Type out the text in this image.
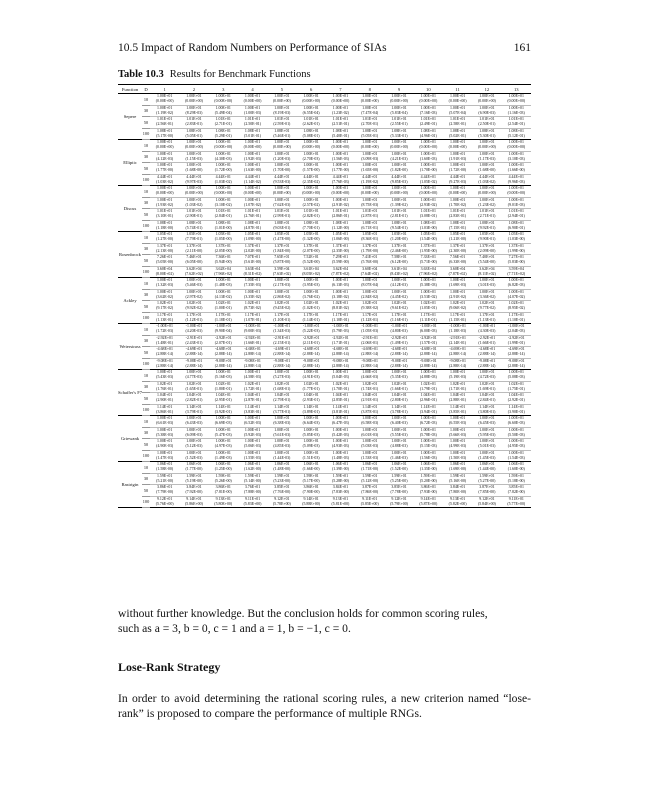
10.5 Impact of Random Numbers on Performance of SIAs	161
Table 10.3 Results for Benchmark Functions
Function	D	1	2	3	4	5	6	7	8	9	10	11	12	13
Sepere	10	1.00E+01	1.00E+01	1.00E+01	1.00E+01	1.00E+01	1.00E+01	1.00E+01	1.00E+01	1.00E+01	1.00E+01	1.00E+01	1.00E+01	1.00E+01
		(0.00E+00)	(0.00E+00)	(0.00E+00)	(0.00E+00)	(0.00E+00)	(0.00E+00)	(0.00E+00)	(0.00E+00)	(0.00E+00)	(0.00E+00)	(0.00E+00)	(0.00E+00)	(0.00E+00)
	30	1.00E+01	1.00E+01	1.00E+01	1.00E+01	1.00E+01	1.00E+01	1.00E+01	1.00E+01	1.00E+01	1.00E+01	1.00E+01	1.00E+01	1.00E+01
		(1.19E-02)	(8.29E-03)	(5.49E-04)	(1.00E-03)	(8.19E-03)	(6.55E-04)	(1.23E-02)	(7.47E-04)	(5.83E-04)	(7.16E-03)	(5.07E-04)	(6.90E-03)	(1.16E-03)
	50	1.01E+01	1.01E+01	1.01E+01	1.01E+01	1.01E+01	1.01E+01	1.01E+01	1.01E+01	1.01E+01	1.01E+01	1.01E+01	1.01E+01	1.01E+01
		(2.56E-01)	(2.83E-01)	(2.71E-01)	(2.50E-01)	(2.59E-01)	(2.62E-01)	(2.51E-01)	(2.70E-01)	(2.55E-01)	(2.49E-01)	(2.58E-01)	(2.50E-01)	(2.54E-01)
	100	1.08E+01	1.08E+01	1.08E+01	1.08E+01	1.08E+01	1.08E+01	1.08E+01	1.08E+01	1.08E+01	1.08E+01	1.08E+01	1.08E+01	1.08E+01
		(5.17E-00)	(5.05E-01)	(5.29E-01)	(5.01E-01)	(5.46E-01)	(5.08E-01)	(5.40E-01)	(5.05E-01)	(5.33E-01)	(4.96E-01)	(5.02E-01)	(5.30E-01)	(5.12E-01)
Elliptic	10	1.00E+01	1.00E+01	1.00E+01	1.00E+01	1.00E+01	1.00E+01	1.00E+01	1.00E+01	1.00E+01	1.00E+01	1.00E+01	1.00E+01	1.00E+01
		(0.00E+00)	(0.00E+00)	(0.00E+00)	(0.00E+00)	(0.00E+00)	(0.00E+00)	(0.00E+00)	(0.00E+00)	(0.00E+00)	(0.00E+00)	(0.00E+00)	(0.00E+00)	(0.00E+00)
	30	1.00E+01	1.00E+01	1.00E+01	1.00E+01	1.00E+01	1.00E+01	1.00E+01	1.00E+01	1.00E+01	1.00E+01	1.00E+01	1.00E+01	1.00E+01
		(4.12E-03)	(1.15E-03)	(4.30E-03)	(1.92E-03)	(1.20E-03)	(2.70E-03)	(1.56E-03)	(3.09E-03)	(4.21E-03)	(1.60E-03)	(1.91E-03)	(1.17E-03)	(3.10E-03)
	50	1.00E+01	1.00E+01	1.00E+01	1.00E+01	1.00E+01	1.00E+01	1.00E+01	1.00E+01	1.00E+01	1.00E+01	1.00E+01	1.00E+01	1.00E+01
		(1.77E-00)	(1.68E-00)	(1.72E-00)	(1.63E-00)	(1.70E-00)	(1.57E-00)	(1.77E-00)	(1.65E-00)	(1.82E-00)	(1.70E-00)	(1.72E-00)	(1.68E-00)	(1.66E-00)
	100	4.44E+01	4.44E+01	4.44E+01	4.44E+01	4.44E+01	4.44E+01	4.44E+01	4.44E+01	4.44E+01	4.44E+01	4.44E+01	4.44E+01	4.44E+01
		(1.03E-02)	(9.97E-03)	(1.03E-02)	(1.14E-02)	(9.53E-03)	(2.35E-02)	(7.76E-03)	(1.19E-02)	(9.85E-03)	(1.05E-02)	(9.27E-03)	(1.03E-02)	(9.96E-03)
Discus	10	1.00E+01	1.00E+01	1.00E+01	1.00E+01	1.00E+01	1.00E+01	1.00E+01	1.00E+01	1.00E+01	1.00E+01	1.00E+01	1.00E+01	1.00E+01
		(0.00E+00)	(0.00E+00)	(0.00E+00)	(0.00E+00)	(0.00E+00)	(0.00E+00)	(0.00E+00)	(0.00E+00)	(0.00E+00)	(0.00E+00)	(0.00E+00)	(0.00E+00)	(0.00E+00)
	30	1.00E+01	1.00E+01	1.00E+01	1.00E+01	1.00E+01	1.00E+01	1.00E+01	1.00E+01	1.00E+01	1.00E+01	1.00E+01	1.00E+01	1.00E+01
		(1.93E-02)	(1.03E-02)	(3.10E-02)	(1.07E-02)	(7.62E-03)	(2.57E-02)	(2.91E-02)	(8.75E-03)	(1.39E-02)	(2.93E-02)	(1.70E-02)	(1.23E-02)	(9.01E-03)
	50	1.01E+01	1.01E+01	1.01E+01	1.01E+01	1.01E+01	1.01E+01	1.01E+01	1.01E+01	1.01E+01	1.01E+01	1.01E+01	1.01E+01	1.01E+01
		(3.10E-01)	(2.90E-01)	(2.84E-01)	(2.76E-01)	(2.99E-01)	(2.82E-01)	(2.86E-01)	(2.87E-01)	(2.81E-01)	(3.08E-01)	(2.83E-01)	(2.71E-01)	(2.94E-01)
	100	1.08E+01	1.08E+01	1.08E+01	1.08E+01	1.08E+01	1.08E+01	1.08E+01	1.08E+01	1.08E+01	1.08E+01	1.08E+01	1.08E+01	1.08E+01
		(1.18E-00)	(5.74E-01)	(1.01E-00)	(4.87E-01)	(9.03E-01)	(7.70E-01)	(1.12E-00)	(6.71E-01)	(9.54E-01)	(1.03E-00)	(7.15E-01)	(9.92E-01)	(6.90E-01)
Rosenbrock	10	1.05E+01	1.05E+01	1.05E+01	1.05E+01	1.05E+01	1.05E+01	1.05E+01	1.05E+01	1.05E+01	1.05E+01	1.05E+01	1.05E+01	1.05E+01
		(1.27E-00)	(7.79E-01)	(1.05E-00)	(1.09E-00)	(1.47E-00)	(1.32E-00)	(1.06E-00)	(8.36E-01)	(1.20E-00)	(1.54E-00)	(1.21E-00)	(9.90E-01)	(1.03E-00)
	30	1.37E+01	1.37E+01	1.37E+01	1.37E+01	1.37E+01	1.37E+01	1.37E+01	1.37E+01	1.37E+01	1.37E+01	1.37E+01	1.37E+01	1.37E+01
		(2.13E-00)	(2.11E-00)	(2.05E-00)	(2.02E-00)	(1.84E-00)	(2.07E-00)	(2.35E-00)	(1.79E-00)	(2.46E-00)	(1.95E-00)	(2.30E-00)	(2.09E-00)	(1.99E-00)
	50	7.26E+01	7.46E+01	7.36E+01	7.07E+01	7.65E+01	7.52E+01	7.29E+01	7.41E+01	7.58E+01	7.33E+01	7.56E+01	7.40E+01	7.27E+01
		(5.05E-00)	(6.05E-00)	(5.94E-00)	(5.61E-00)	(5.87E-00)	(5.52E-00)	(5.59E-00)	(5.76E-00)	(6.12E-00)	(5.71E-00)	(6.33E-00)	(5.54E-00)	(5.83E-00)
	100	3.60E+04	3.62E+04	3.62E+04	3.63E+04	3.59E+04	3.61E+04	3.62E+04	3.60E+04	3.61E+04	3.63E+04	3.60E+04	3.62E+04	3.59E+04
		(8.00E+02)	(7.62E+02)	(7.96E+02)	(8.31E+02)	(7.63E+02)	(8.05E+02)	(7.87E+02)	(7.64E+02)	(8.43E+02)	(7.96E+02)	(7.87E+02)	(8.11E+02)	(7.71E+02)
Ackley	10	1.00E+01	1.00E+01	1.00E+01	1.00E+01	1.00E+01	1.00E+01	1.00E+01	1.00E+01	1.00E+01	1.00E+01	1.00E+01	1.00E+01	1.00E+01
		(1.32E-03)	(5.46E-03)	(1.48E-03)	(7.35E-03)	(2.17E-03)	(3.95E-03)	(6.13E-03)	(8.07E-04)	(4.12E-03)	(5.38E-03)	(1.69E-03)	(3.01E-03)	(6.82E-03)
	30	1.00E+01	1.00E+01	1.00E+01	1.00E+01	1.00E+01	1.00E+01	1.00E+01	1.00E+01	1.00E+01	1.00E+01	1.00E+01	1.00E+01	1.00E+01
		(3.62E-02)	(2.97E-02)	(4.13E-02)	(3.35E-02)	(2.86E-02)	(3.76E-02)	(3.18E-02)	(2.84E-02)	(4.45E-02)	(3.53E-02)	(2.91E-02)	(3.36E-02)	(4.07E-02)
	50	1.02E+01	1.02E+01	1.02E+01	1.02E+01	1.02E+01	1.02E+01	1.02E+01	1.02E+01	1.02E+01	1.02E+01	1.02E+01	1.02E+01	1.02E+01
		(9.17E-02)	(9.92E-02)	(1.00E-01)	(8.73E-02)	(9.45E-02)	(1.02E-01)	(8.81E-02)	(9.38E-02)	(9.61E-02)	(1.05E-01)	(9.06E-02)	(9.77E-02)	(8.95E-02)
	100	1.17E+01	1.17E+01	1.17E+01	1.17E+01	1.17E+01	1.17E+01	1.17E+01	1.17E+01	1.17E+01	1.17E+01	1.17E+01	1.17E+01	1.17E+01
		(1.13E-01)	(1.12E-01)	(1.18E-01)	(1.07E-01)	(1.10E-01)	(1.14E-01)	(1.10E-01)	(1.12E-01)	(1.16E-01)	(1.11E-01)	(1.15E-01)	(1.13E-01)	(1.10E-01)
Weierstrass	10	-1.00E+01	-1.00E+01	-1.00E+01	-1.00E+01	-1.00E+01	-1.00E+01	-1.00E+01	-1.00E+01	-1.00E+01	-1.00E+01	-1.00E+01	-1.00E+01	-1.00E+01
		(1.72E-03)	(4.20E-03)	(9.90E-04)	(9.00E-03)	(1.34E-03)	(5.22E-03)	(5.79E-03)	(1.05E-03)	(4.80E-03)	(6.00E-03)	(1.18E-03)	(4.30E-03)	(2.04E-03)
	30	-2.92E+01	-2.91E+01	-2.92E+01	-2.92E+01	-2.91E+01	-2.92E+01	-2.92E+01	-2.91E+01	-2.92E+01	-2.92E+01	-2.91E+01	-2.92E+01	-2.92E+01
		(1.48E-01)	(2.43E-01)	(2.07E-01)	(1.66E-01)	(2.15E-01)	(2.11E-01)	(1.71E-01)	(2.06E-01)	(1.49E-01)	(1.57E-01)	(2.14E-01)	(1.66E-01)	(1.99E-01)
	50	-4.68E+01	-4.69E+01	-4.68E+01	-4.68E+01	-4.69E+01	-4.68E+01	-4.68E+01	-4.69E+01	-4.68E+01	-4.68E+01	-4.69E+01	-4.68E+01	-4.69E+01
		(2.88E-14)	(2.88E-14)	(2.88E-14)	(2.88E-14)	(2.88E-14)	(2.88E-14)	(2.88E-14)	(2.88E-14)	(2.88E-14)	(2.88E-14)	(2.88E-14)	(2.88E-14)	(2.88E-14)
	100	-9.08E+01	-9.08E+01	-9.08E+01	-9.08E+01	-9.08E+01	-9.08E+01	-9.08E+01	-9.08E+01	-9.08E+01	-9.08E+01	-9.08E+01	-9.08E+01	-9.08E+01
		(2.88E-14)	(2.88E-14)	(2.88E-14)	(2.88E-14)	(2.88E-14)	(2.88E-14)	(2.88E-14)	(2.88E-14)	(2.88E-14)	(2.88E-14)	(2.88E-14)	(2.88E-14)	(2.88E-14)
Schaffer's F7	10	1.00E+01	1.00E+01	1.00E+01	1.00E+01	1.00E+01	1.00E+01	1.00E+01	1.00E+01	1.00E+01	1.00E+01	1.00E+01	1.00E+01	1.00E+01
		(5.43E-03)	(4.77E-03)	(5.16E-03)	(4.58E-03)	(5.27E-03)	(4.91E-03)	(5.04E-03)	(4.66E-03)	(5.35E-03)	(4.88E-03)	(5.19E-03)	(4.72E-03)	(5.08E-03)
	30	1.02E+01	1.02E+01	1.02E+01	1.02E+01	1.02E+01	1.02E+01	1.02E+01	1.02E+01	1.02E+01	1.02E+01	1.02E+01	1.02E+01	1.02E+01
		(1.76E-01)	(1.65E-01)	(1.80E-01)	(1.72E-01)	(1.68E-01)	(1.77E-01)	(1.70E-01)	(1.74E-01)	(1.66E-01)	(1.79E-01)	(1.71E-01)	(1.69E-01)	(1.75E-01)
	50	1.04E+01	1.04E+01	1.04E+01	1.04E+01	1.04E+01	1.04E+01	1.04E+01	1.04E+01	1.04E+01	1.04E+01	1.04E+01	1.04E+01	1.04E+01
		(2.90E-01)	(2.82E-01)	(2.95E-01)	(2.87E-01)	(2.79E-01)	(2.93E-01)	(2.85E-01)	(2.91E-01)	(2.80E-01)	(2.96E-01)	(2.88E-01)	(2.84E-01)	(2.92E-01)
	100	1.14E+01	1.14E+01	1.14E+01	1.14E+01	1.14E+01	1.14E+01	1.14E+01	1.14E+01	1.14E+01	1.14E+01	1.14E+01	1.14E+01	1.14E+01
		(3.86E-01)	(3.79E-01)	(3.92E-01)	(3.83E-01)	(3.77E-01)	(3.89E-01)	(3.81E-01)	(3.87E-01)	(3.78E-01)	(3.94E-01)	(3.85E-01)	(3.80E-01)	(3.90E-01)
Griewank	10	1.00E+01	1.00E+01	1.00E+01	1.00E+01	1.00E+01	1.00E+01	1.00E+01	1.00E+01	1.00E+01	1.00E+01	1.00E+01	1.00E+01	1.00E+01
		(6.61E-03)	(6.43E-03)	(6.69E-03)	(6.52E-03)	(6.38E-03)	(6.64E-03)	(6.47E-03)	(6.58E-03)	(6.40E-03)	(6.72E-03)	(6.55E-03)	(6.45E-03)	(6.60E-03)
	30	1.00E+01	1.00E+01	1.00E+01	1.00E+01	1.00E+01	1.00E+01	1.00E+01	1.00E+01	1.00E+01	1.00E+01	1.00E+01	1.00E+01	1.00E+01
		(5.38E-03)	(6.09E-03)	(5.47E-03)	(5.92E-03)	(5.61E-03)	(5.85E-03)	(5.42E-03)	(6.01E-03)	(5.55E-03)	(5.78E-03)	(5.66E-03)	(5.95E-03)	(5.50E-03)
	50	1.00E+01	1.00E+01	1.00E+01	1.00E+01	1.00E+01	1.00E+01	1.00E+01	1.00E+01	1.00E+01	1.00E+01	1.00E+01	1.00E+01	1.00E+01
		(4.90E-03)	(5.12E-03)	(4.97E-03)	(5.06E-03)	(4.85E-03)	(5.09E-03)	(4.93E-03)	(5.03E-03)	(4.88E-03)	(5.15E-03)	(4.99E-03)	(5.01E-03)	(4.95E-03)
	100	1.00E+01	1.00E+01	1.00E+01	1.00E+01	1.00E+01	1.00E+01	1.00E+01	1.00E+01	1.00E+01	1.00E+01	1.00E+01	1.00E+01	1.00E+01
		(1.47E-03)	(1.52E-03)	(1.49E-03)	(1.55E-03)	(1.44E-03)	(1.51E-03)	(1.48E-03)	(1.53E-03)	(1.46E-03)	(1.56E-03)	(1.50E-03)	(1.45E-03)	(1.54E-03)
Rastrigin	10	1.06E+01	1.06E+01	1.06E+01	1.06E+01	1.06E+01	1.06E+01	1.06E+01	1.06E+01	1.06E+01	1.06E+01	1.06E+01	1.06E+01	1.06E+01
		(1.58E-00)	(1.77E-00)	(1.25E-00)	(1.62E-00)	(1.48E-00)	(1.66E-00)	(1.39E-00)	(1.71E-00)	(1.52E-00)	(1.35E-00)	(1.69E-00)	(1.44E-00)	(1.60E-00)
	30	1.59E+01	1.59E+01	1.59E+01	1.59E+01	1.59E+01	1.59E+01	1.59E+01	1.59E+01	1.59E+01	1.59E+01	1.59E+01	1.59E+01	1.59E+01
		(5.21E-00)	(5.19E-00)	(5.26E-00)	(5.14E-00)	(5.23E-00)	(5.17E-00)	(5.28E-00)	(5.12E-00)	(5.25E-00)	(5.20E-00)	(5.16E-00)	(5.27E-00)	(5.18E-00)
	50	3.86E+01	3.84E+01	3.86E+01	3.76E+01	3.85E+01	3.86E+01	3.84E+01	3.87E+01	3.85E+01	3.86E+01	3.84E+01	3.87E+01	3.85E+01
		(7.79E-00)	(7.92E-00)	(7.81E-00)	(7.88E-00)	(7.76E-00)	(7.90E-00)	(7.83E-00)	(7.86E-00)	(7.78E-00)	(7.93E-00)	(7.80E-00)	(7.85E-00)	(7.82E-00)
	100	9.12E+01	9.14E+01	9.13E+01	9.11E+01	9.12E+01	9.14E+01	9.13E+01	9.11E+01	9.12E+01	9.14E+01	9.13E+01	9.12E+01	9.11E+01
		(5.76E+00)	(5.86E+00)	(5.80E+00)	(5.83E+00)	(5.78E+00)	(5.88E+00)	(5.81E+00)	(5.85E+00)	(5.79E+00)	(5.87E+00)	(5.82E+00)	(5.84E+00)	(5.77E+00)
without further knowledge. But the conclusion holds for common scoring rules,
such as a = 3, b = 0, c = 1 and a = 1, b = −1, c = 0.
Lose-Rank Strategy
In order to avoid determining the rational scoring rules, a new criterion named “lose-rank” is proposed to compare the performance of multiple RNGs.
